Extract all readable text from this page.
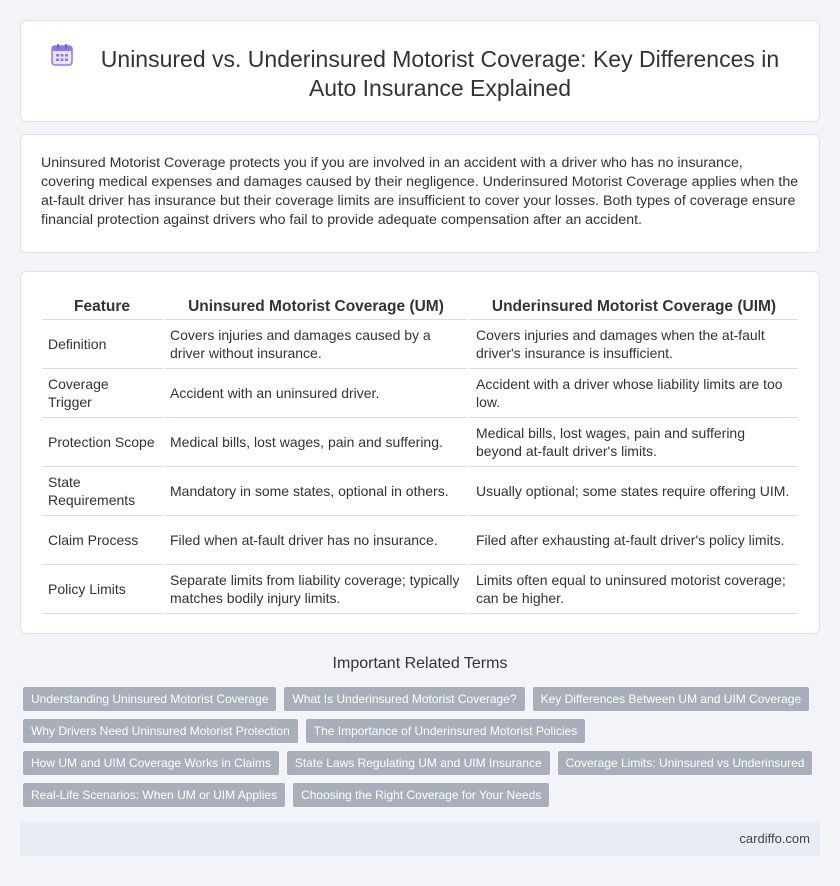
Uninsured vs. Underinsured Motorist Coverage: Key Differences in Auto Insurance Explained

Uninsured Motorist Coverage protects you if you are involved in an accident with a driver who has no insurance, covering medical expenses and damages caused by their negligence. Underinsured Motorist Coverage applies when the at-fault driver has insurance but their coverage limits are insufficient to cover your losses. Both types of coverage ensure financial protection against drivers who fail to provide adequate compensation after an accident.

Feature	Uninsured Motorist Coverage (UM)	Underinsured Motorist Coverage (UIM)
Definition	Covers injuries and damages caused by a driver without insurance.	Covers injuries and damages when the at-fault driver's insurance is insufficient.
Coverage Trigger	Accident with an uninsured driver.	Accident with a driver whose liability limits are too low.
Protection Scope	Medical bills, lost wages, pain and suffering.	Medical bills, lost wages, pain and suffering beyond at-fault driver's limits.
State Requirements	Mandatory in some states, optional in others.	Usually optional; some states require offering UIM.
Claim Process	Filed when at-fault driver has no insurance.	Filed after exhausting at-fault driver's policy limits.
Policy Limits	Separate limits from liability coverage; typically matches bodily injury limits.	Limits often equal to uninsured motorist coverage; can be higher.
Important Related Terms
Understanding Uninsured Motorist Coverage	What Is Underinsured Motorist Coverage?	Key Differences Between UM and UIM Coverage
Why Drivers Need Uninsured Motorist Protection	The Importance of Underinsured Motorist Policies
How UM and UIM Coverage Works in Claims	State Laws Regulating UM and UIM Insurance	Coverage Limits: Uninsured vs Underinsured
Real-Life Scenarios: When UM or UIM Applies	Choosing the Right Coverage for Your Needs
cardiffo.com
